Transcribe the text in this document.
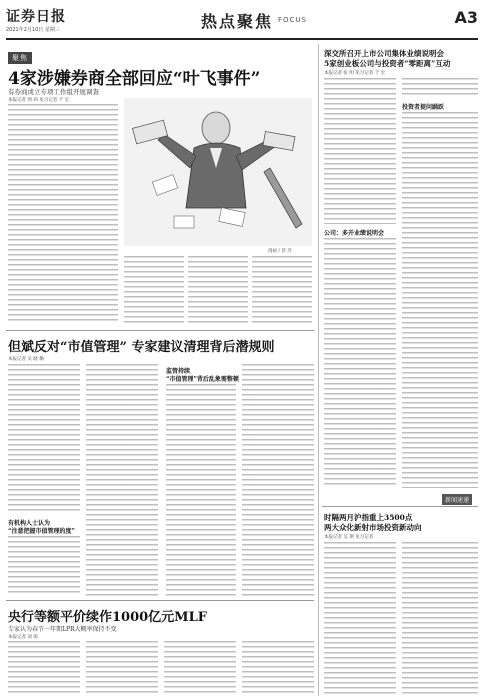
证券日报
2021年2月10日 星期三	热点聚焦 FOCUS	A3
聚焦
4家涉嫌券商全部回应“叶飞事件”
有券商或立专项工作组开展调查
本报记者 周 尚 见习记者 于 宏
漫画 / 曾 苏
但斌反对“市值管理” 专家建议清理背后潜规则
本报记者 吴 晓 璐
有机构人士认为
“注意把握市值管理的度”
监管持续
“市值管理”背后乱象需整顿
央行等额平价续作1000亿元MLF
专家认为春节一年期LPR大概率保持不变
本报记者 刘 萌
深交所召开上市公司集体业绩说明会
5家创业板公司与投资者“零距离”互动
本报记者 张 明 见习记者 于 宏
公司：多开业绩说明会
投资者提问踊跃
新闻速递
时隔两月沪指重上3500点
两大众化新射市场投资新动向
本报记者 吴 斯 见习记者
